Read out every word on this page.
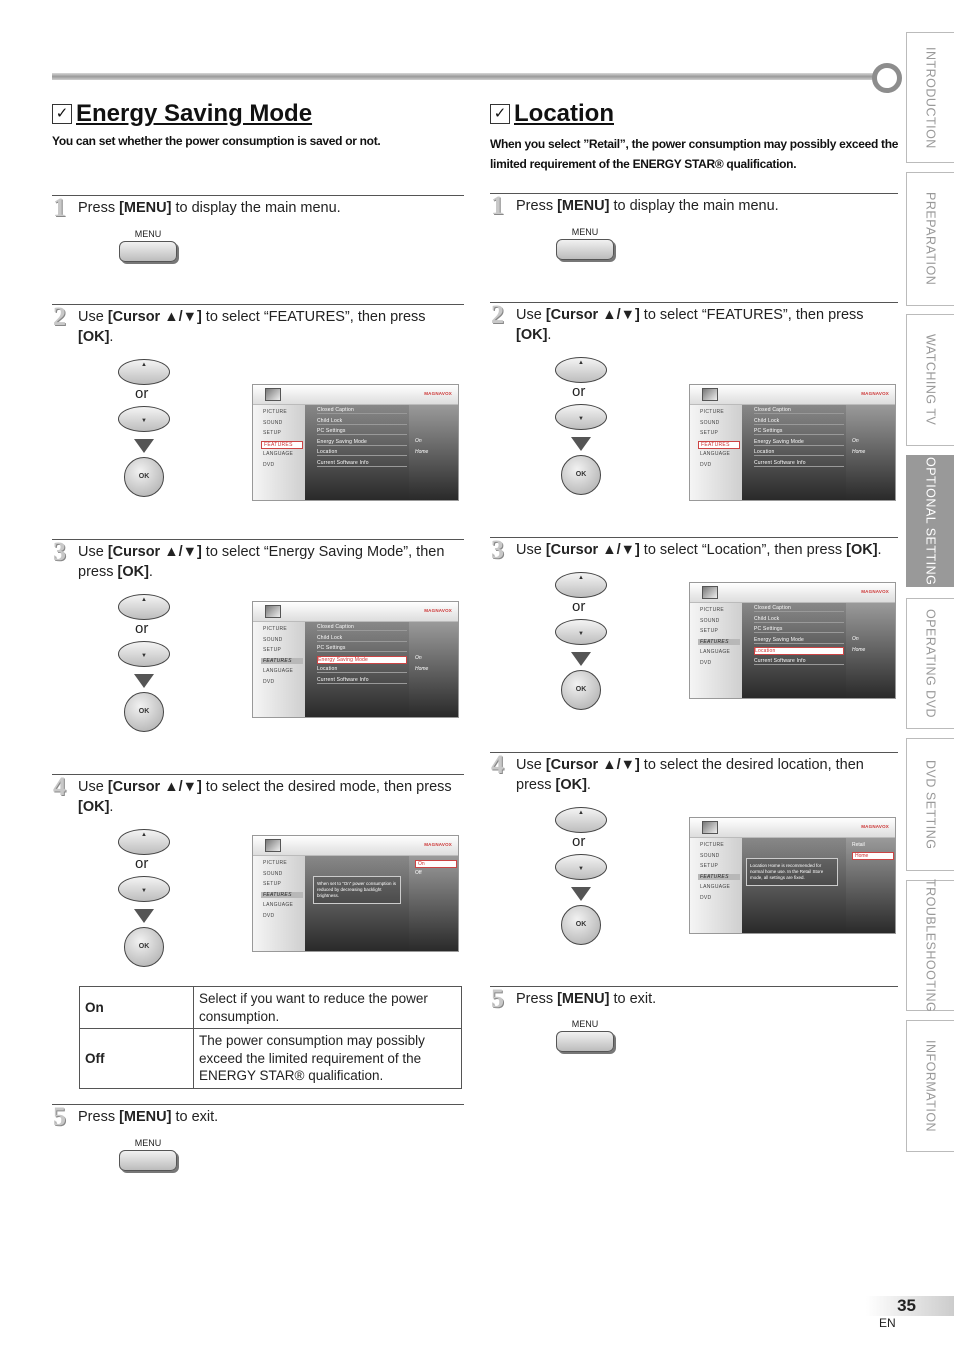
✓ Energy Saving Mode
You can set whether the power consumption is saved or not.
✓ Location
When you select ”Retail”, the power consumption may possibly exceed the limited requirement of the ENERGY STAR® qualification.
1 Press [MENU] to display the main menu.
MENU
2 Use [Cursor ▲/▼] to select “FEATURES”, then press [OK].
▲
or
▼
OK
MAGNAVOX
PICTURE
SOUND
SETUP
FEATURES
LANGUAGE
DVD
Closed Caption
Child Lock
PC Settings
Energy Saving Mode
Location
Current Software Info
On
Home
3 Use [Cursor ▲/▼] to select “Energy Saving Mode”, then press [OK].
▲
or
▼
OK
MAGNAVOX
PICTURE
SOUND
SETUP
FEATURES
LANGUAGE
DVD
Closed Caption
Child Lock
PC Settings
Energy Saving Mode
Location
Current Software Info
On
Home
4 Use [Cursor ▲/▼] to select the desired mode, then press [OK].
▲
or
▼
OK
MAGNAVOX
PICTURE
SOUND
SETUP
FEATURES
LANGUAGE
DVD
When set to “On” power consumption is reduced by decreasing backlight brightness.
On
Off
5 Press [MENU] to exit.
MENU
1 Press [MENU] to display the main menu.
MENU
2 Use [Cursor ▲/▼] to select “FEATURES”, then press [OK].
▲
or
▼
OK
MAGNAVOX
PICTURE
SOUND
SETUP
FEATURES
LANGUAGE
DVD
Closed Caption
Child Lock
PC Settings
Energy Saving Mode
Location
Current Software Info
On
Home
3 Use [Cursor ▲/▼] to select “Location”, then press [OK].
▲
or
▼
OK
MAGNAVOX
PICTURE
SOUND
SETUP
FEATURES
LANGUAGE
DVD
Closed Caption
Child Lock
PC Settings
Energy Saving Mode
Location
Current Software Info
On
Home
4 Use [Cursor ▲/▼] to select the desired location, then press [OK].
▲
or
▼
OK
MAGNAVOX
PICTURE
SOUND
SETUP
FEATURES
LANGUAGE
DVD
Location Home is recommended for normal home use. In the Retail Store mode, all settings are fixed.
Retail
Home
5 Press [MENU] to exit.
MENU
On	Select if you want to reduce the power consumption.
Off	The power consumption may possibly exceed the limited requirement of the ENERGY STAR® qualification.
INTRODUCTION
PREPARATION
WATCHING TV
OPTIONAL SETTING
OPERATING DVD
DVD SETTING
TROUBLESHOOTING
INFORMATION
35
EN
